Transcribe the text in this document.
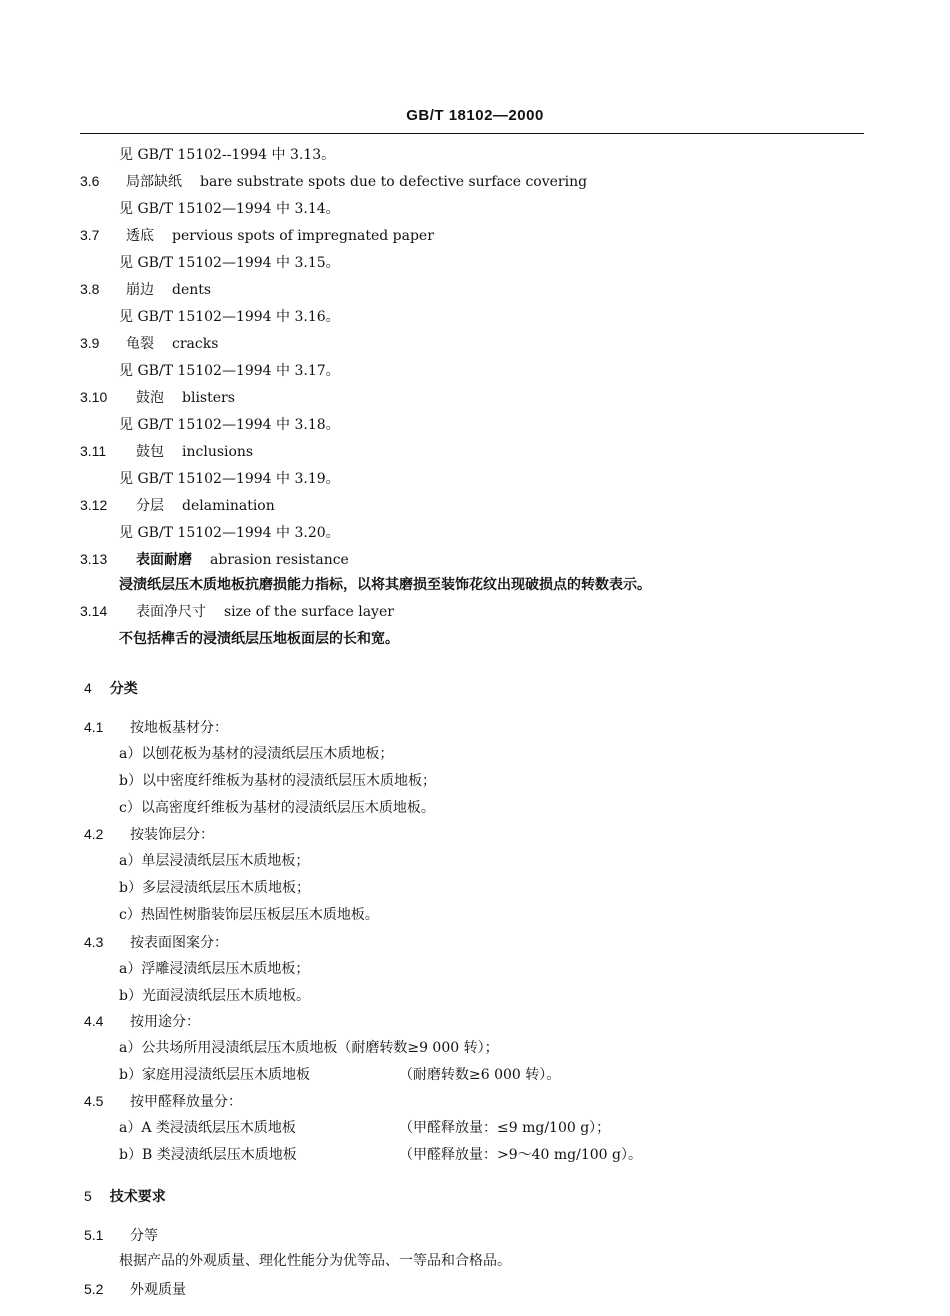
GB/T 18102—2000
见 GB/T 15102--1994 中 3.13。
3.6 局部缺纸 bare substrate spots due to defective surface covering
见 GB/T 15102—1994 中 3.14。
3.7 透底 pervious spots of impregnated paper
见 GB/T 15102—1994 中 3.15。
3.8 崩边 dents
见 GB/T 15102—1994 中 3.16。
3.9 龟裂 cracks
见 GB/T 15102—1994 中 3.17。
3.10 鼓泡 blisters
见 GB/T 15102—1994 中 3.18。
3.11 鼓包 inclusions
见 GB/T 15102—1994 中 3.19。
3.12 分层 delamination
见 GB/T 15102—1994 中 3.20。
3.13 表面耐磨 abrasion resistance
浸渍纸层压木质地板抗磨损能力指标，以将其磨损至装饰花纹出现破损点的转数表示。
3.14 表面净尺寸 size of the surface layer
不包括榫舌的浸渍纸层压地板面层的长和宽。
4 分类
4.1 按地板基材分：
a）以刨花板为基材的浸渍纸层压木质地板；
b）以中密度纤维板为基材的浸渍纸层压木质地板；
c）以高密度纤维板为基材的浸渍纸层压木质地板。
4.2 按装饰层分：
a）单层浸渍纸层压木质地板；
b）多层浸渍纸层压木质地板；
c）热固性树脂装饰层压板层压木质地板。
4.3 按表面图案分：
a）浮雕浸渍纸层压木质地板；
b）光面浸渍纸层压木质地板。
4.4 按用途分：
a）公共场所用浸渍纸层压木质地板（耐磨转数≥9 000 转）；
b）家庭用浸渍纸层压木质地板	（耐磨转数≥6 000 转）。
4.5 按甲醛释放量分：
a）A 类浸渍纸层压木质地板	（甲醛释放量：≤9 mg/100 g）；
b）B 类浸渍纸层压木质地板	（甲醛释放量：>9～40 mg/100 g）。
5 技术要求
5.1 分等
根据产品的外观质量、理化性能分为优等品、一等品和合格品。
5.2 外观质量
